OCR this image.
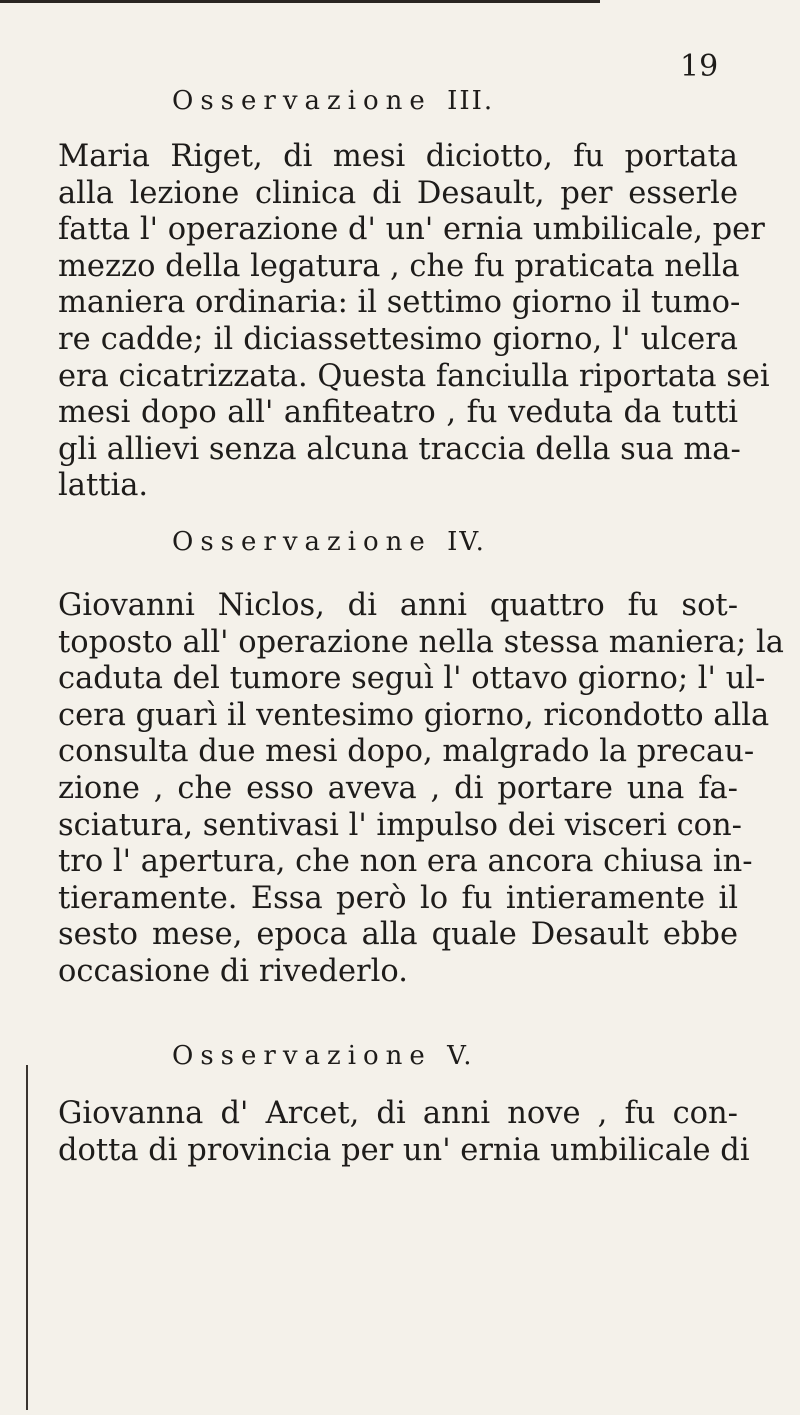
19
Osservazione III.
Maria Riget, di mesi diciotto, fu portata
alla lezione clinica di Desault, per esserle
fatta l' operazione d' un' ernia umbilicale, per
mezzo della legatura , che fu praticata nella
maniera ordinaria: il settimo giorno il tumo-
re cadde; il diciassettesimo giorno, l' ulcera
era cicatrizzata. Questa fanciulla riportata sei
mesi dopo all' anfiteatro , fu veduta da tutti
gli allievi senza alcuna traccia della sua ma-
lattia.
Osservazione IV.
Giovanni Niclos, di anni quattro fu sot-
toposto all' operazione nella stessa maniera; la
caduta del tumore seguì l' ottavo giorno; l' ul-
cera guarì il ventesimo giorno, ricondotto alla
consulta due mesi dopo, malgrado la precau-
zione , che esso aveva , di portare una fa-
sciatura, sentivasi l' impulso dei visceri con-
tro l' apertura, che non era ancora chiusa in-
tieramente. Essa però lo fu intieramente il
sesto mese, epoca alla quale Desault ebbe
occasione di rivederlo.
Osservazione V.
Giovanna d' Arcet, di anni nove , fu con-
dotta di provincia per un' ernia umbilicale di
